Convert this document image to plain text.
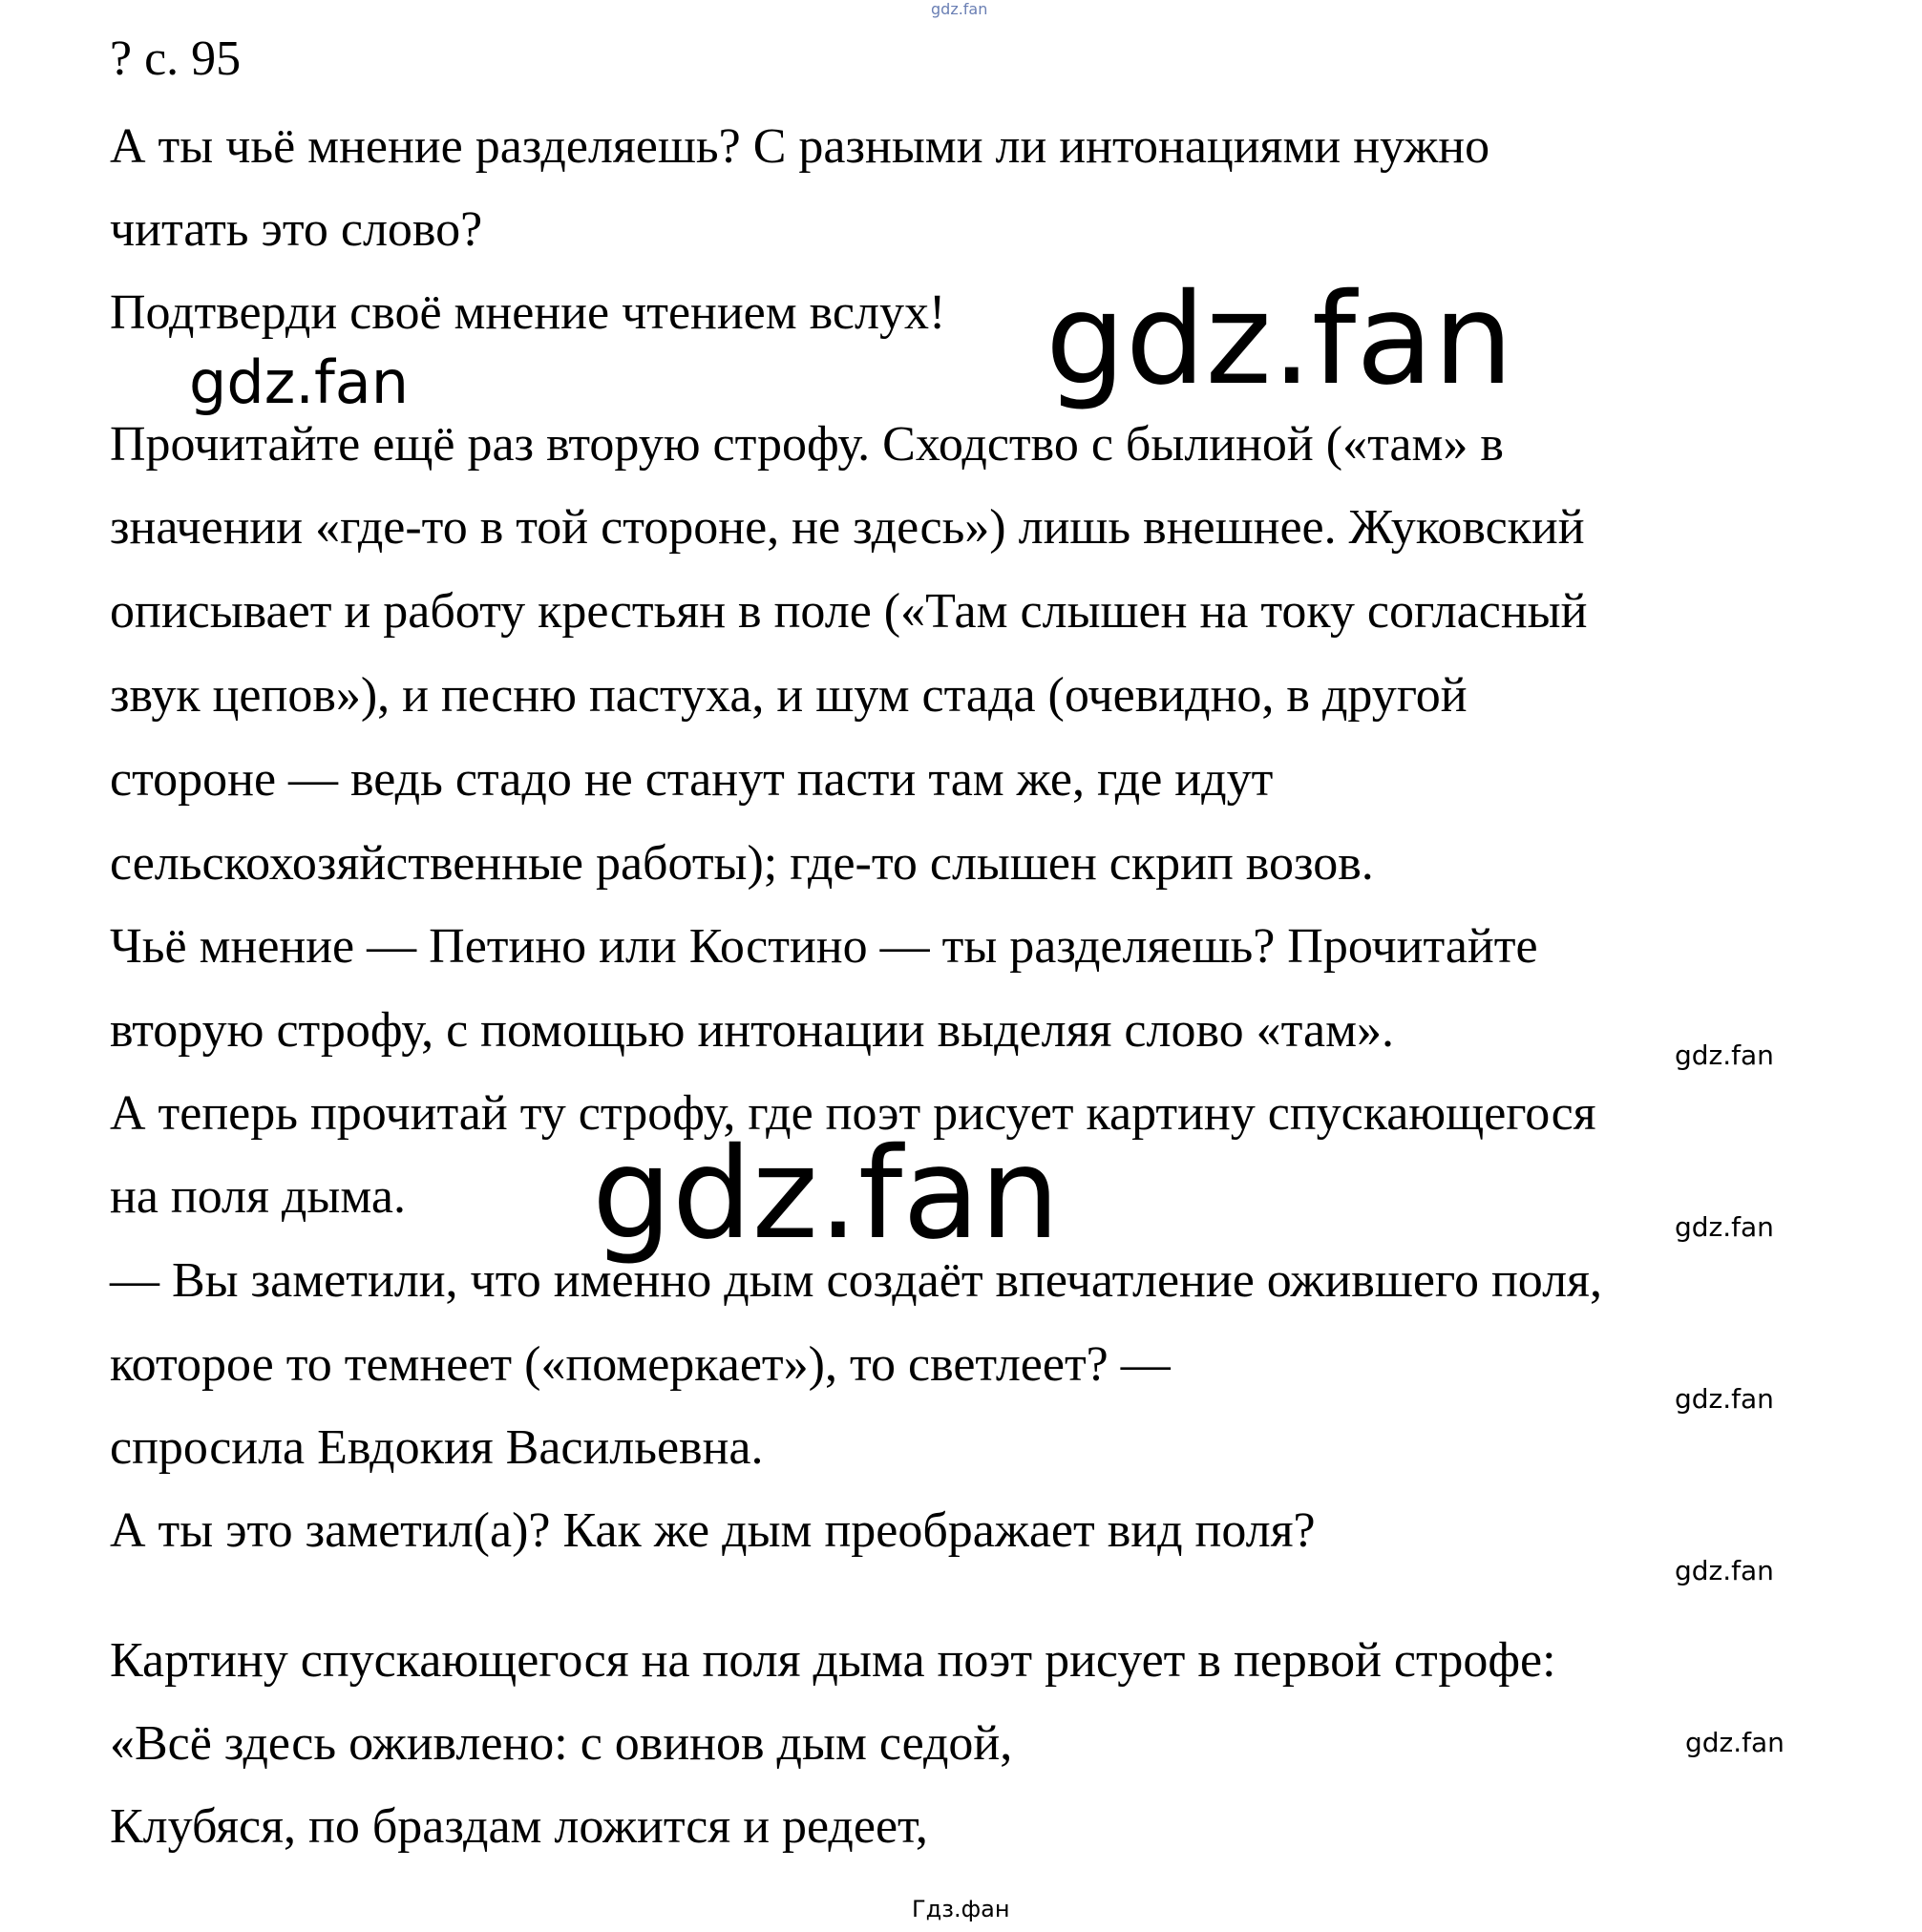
? с. 95

А ты чьё мнение разделяешь? С разными ли интонациями нужно

читать это слово?

Подтверди своё мнение чтением вслух!

Прочитайте ещё раз вторую строфу. Сходство с былиной («там» в

значении «где-то в той стороне, не здесь») лишь внешнее. Жуковский

описывает и работу крестьян в поле («Там слышен на току согласный

звук цепов»), и песню пастуха, и шум стада (очевидно, в другой

стороне — ведь стадо не станут пасти там же, где идут

сельскохозяйственные работы); где-то слышен скрип возов.

Чьё мнение — Петино или Костино — ты разделяешь? Прочитайте

вторую строфу, с помощью интонации выделяя слово «там».

А теперь прочитай ту строфу, где поэт рисует картину спускающегося

на поля дыма.

— Вы заметили, что именно дым создаёт впечатление ожившего поля,

которое то темнеет («померкает»), то светлеет? —

спросила Евдокия Васильевна.

А ты это заметил(а)? Как же дым преображает вид поля?

Картину спускающегося на поля дыма поэт рисует в первой строфе:

«Всё здесь оживлено: с овинов дым седой,

Клубяся, по браздам ложится и редеет,

gdz.fan
gdz.fan
gdz.fan
gdz.fan
gdz.fan
gdz.fan
gdz.fan
gdz.fan
gdz.fan
Гдз.фан
